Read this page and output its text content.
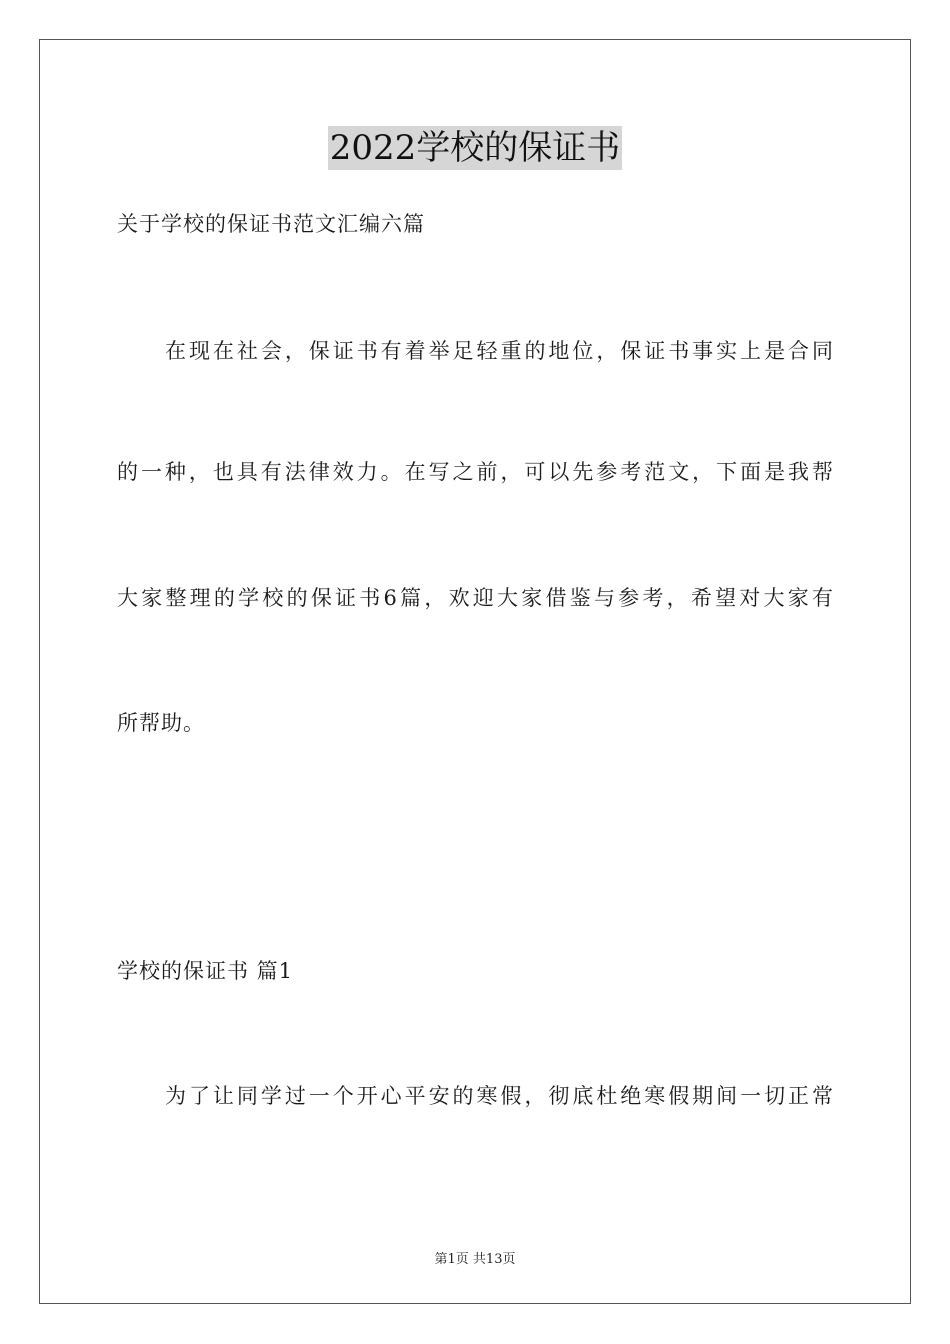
2022学校的保证书
关于学校的保证书范文汇编六篇
在现在社会，保证书有着举足轻重的地位，保证书事实上是合同
的一种，也具有法律效力。在写之前，可以先参考范文，下面是我帮
大家整理的学校的保证书6篇，欢迎大家借鉴与参考，希望对大家有
所帮助。
学校的保证书 篇1
为了让同学过一个开心平安的寒假，彻底杜绝寒假期间一切正常
第1页 共13页
